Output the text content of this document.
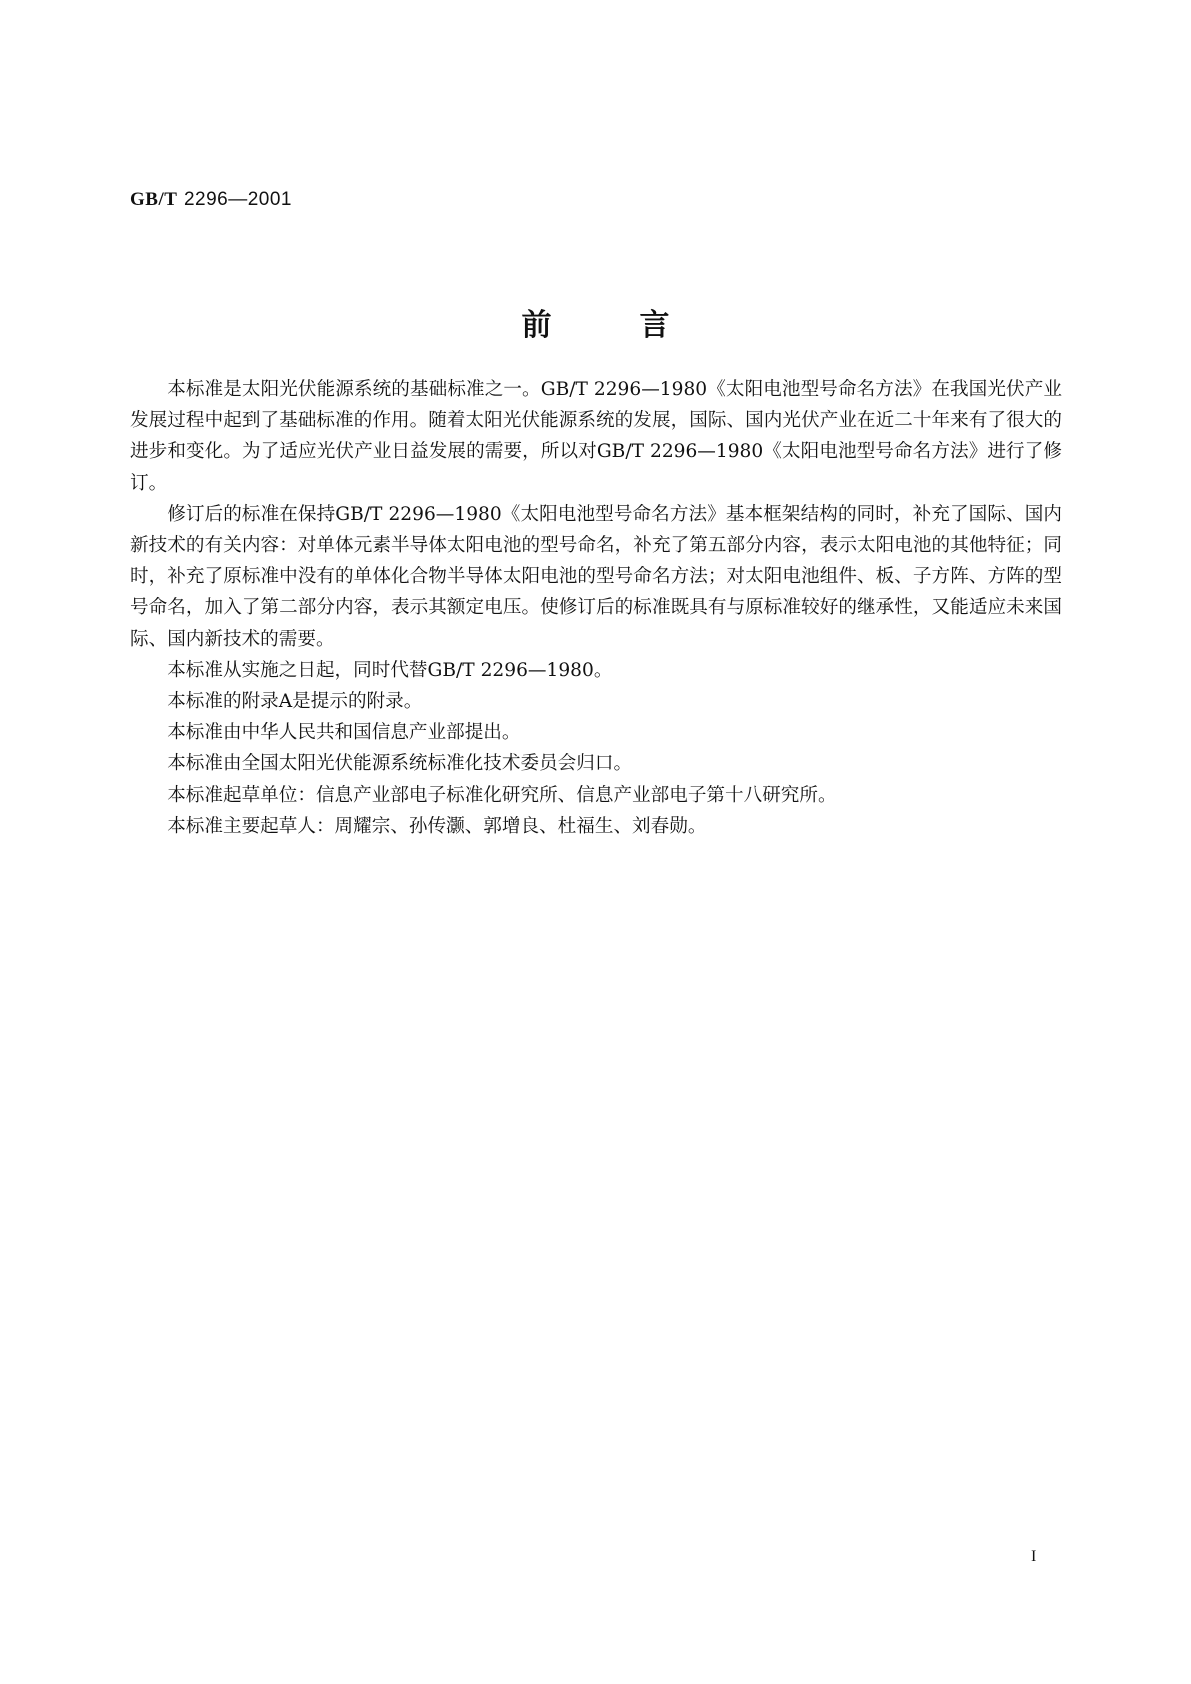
GB/T 2296—2001
前言

本标准是太阳光伏能源系统的基础标准之一。GB/T 2296—1980《太阳电池型号命名方法》在我国光伏产业发展过程中起到了基础标准的作用。随着太阳光伏能源系统的发展，国际、国内光伏产业在近二十年来有了很大的进步和变化。为了适应光伏产业日益发展的需要，所以对GB/T 2296—1980《太阳电池型号命名方法》进行了修订。

修订后的标准在保持GB/T 2296—1980《太阳电池型号命名方法》基本框架结构的同时，补充了国际、国内新技术的有关内容：对单体元素半导体太阳电池的型号命名，补充了第五部分内容，表示太阳电池的其他特征；同时，补充了原标准中没有的单体化合物半导体太阳电池的型号命名方法；对太阳电池组件、板、子方阵、方阵的型号命名，加入了第二部分内容，表示其额定电压。使修订后的标准既具有与原标准较好的继承性，又能适应未来国际、国内新技术的需要。

本标准从实施之日起，同时代替GB/T 2296—1980。

本标准的附录A是提示的附录。

本标准由中华人民共和国信息产业部提出。

本标准由全国太阳光伏能源系统标准化技术委员会归口。

本标准起草单位：信息产业部电子标准化研究所、信息产业部电子第十八研究所。

本标准主要起草人：周耀宗、孙传灏、郭增良、杜福生、刘春勋。

I
